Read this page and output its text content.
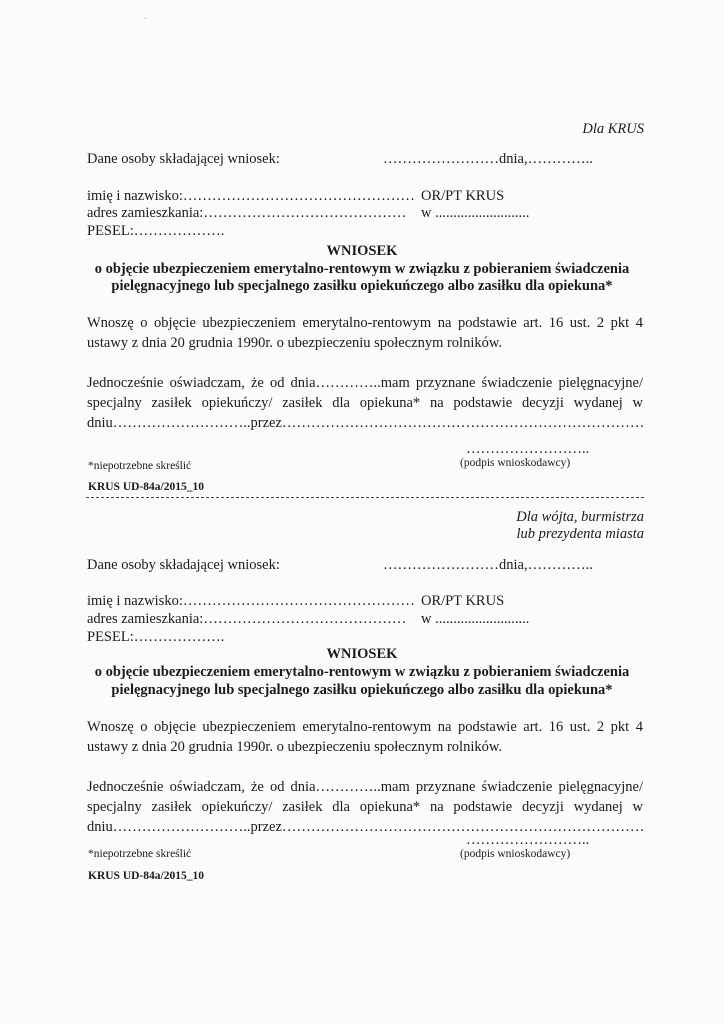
·
Dla KRUS
Dane osoby składającej wniosek:	……………………dnia,…………..
imię i nazwisko:………………………………………… OR/PT KRUS
adres zamieszkania:…………………………………… w ..........................
PESEL:……………….
WNIOSEK
o objęcie ubezpieczeniem emerytalno-rentowym w związku z pobieraniem świadczenia
pielęgnacyjnego lub specjalnego zasiłku opiekuńczego albo zasiłku dla opiekuna*
Wnoszę o objęcie ubezpieczeniem emerytalno-rentowym na podstawie art. 16 ust. 2 pkt 4 ustawy z dnia 20 grudnia 1990r. o ubezpieczeniu społecznym rolników.
Jednocześnie oświadczam, że od dnia…………..mam przyznane świadczenie pielęgnacyjne/ specjalny zasiłek opiekuńczy/ zasiłek dla opiekuna* na podstawie decyzji wydanej w dniu………………………..przez…………………………………………………………………
……………………..
*niepotrzebne skreślić	(podpis wnioskodawcy)
KRUS UD-84a/2015_10
Dla wójta, burmistrza
lub prezydenta miasta
Dane osoby składającej wniosek:	……………………dnia,…………..
imię i nazwisko:………………………………………… OR/PT KRUS
adres zamieszkania:…………………………………… w ..........................
PESEL:……………….
WNIOSEK
o objęcie ubezpieczeniem emerytalno-rentowym w związku z pobieraniem świadczenia
pielęgnacyjnego lub specjalnego zasiłku opiekuńczego albo zasiłku dla opiekuna*
Wnoszę o objęcie ubezpieczeniem emerytalno-rentowym na podstawie art. 16 ust. 2 pkt 4 ustawy z dnia 20 grudnia 1990r. o ubezpieczeniu społecznym rolników.
Jednocześnie oświadczam, że od dnia…………..mam przyznane świadczenie pielęgnacyjne/ specjalny zasiłek opiekuńczy/ zasiłek dla opiekuna* na podstawie decyzji wydanej w dniu………………………..przez…………………………………………………………………
……………………..
*niepotrzebne skreślić	(podpis wnioskodawcy)
KRUS UD-84a/2015_10
